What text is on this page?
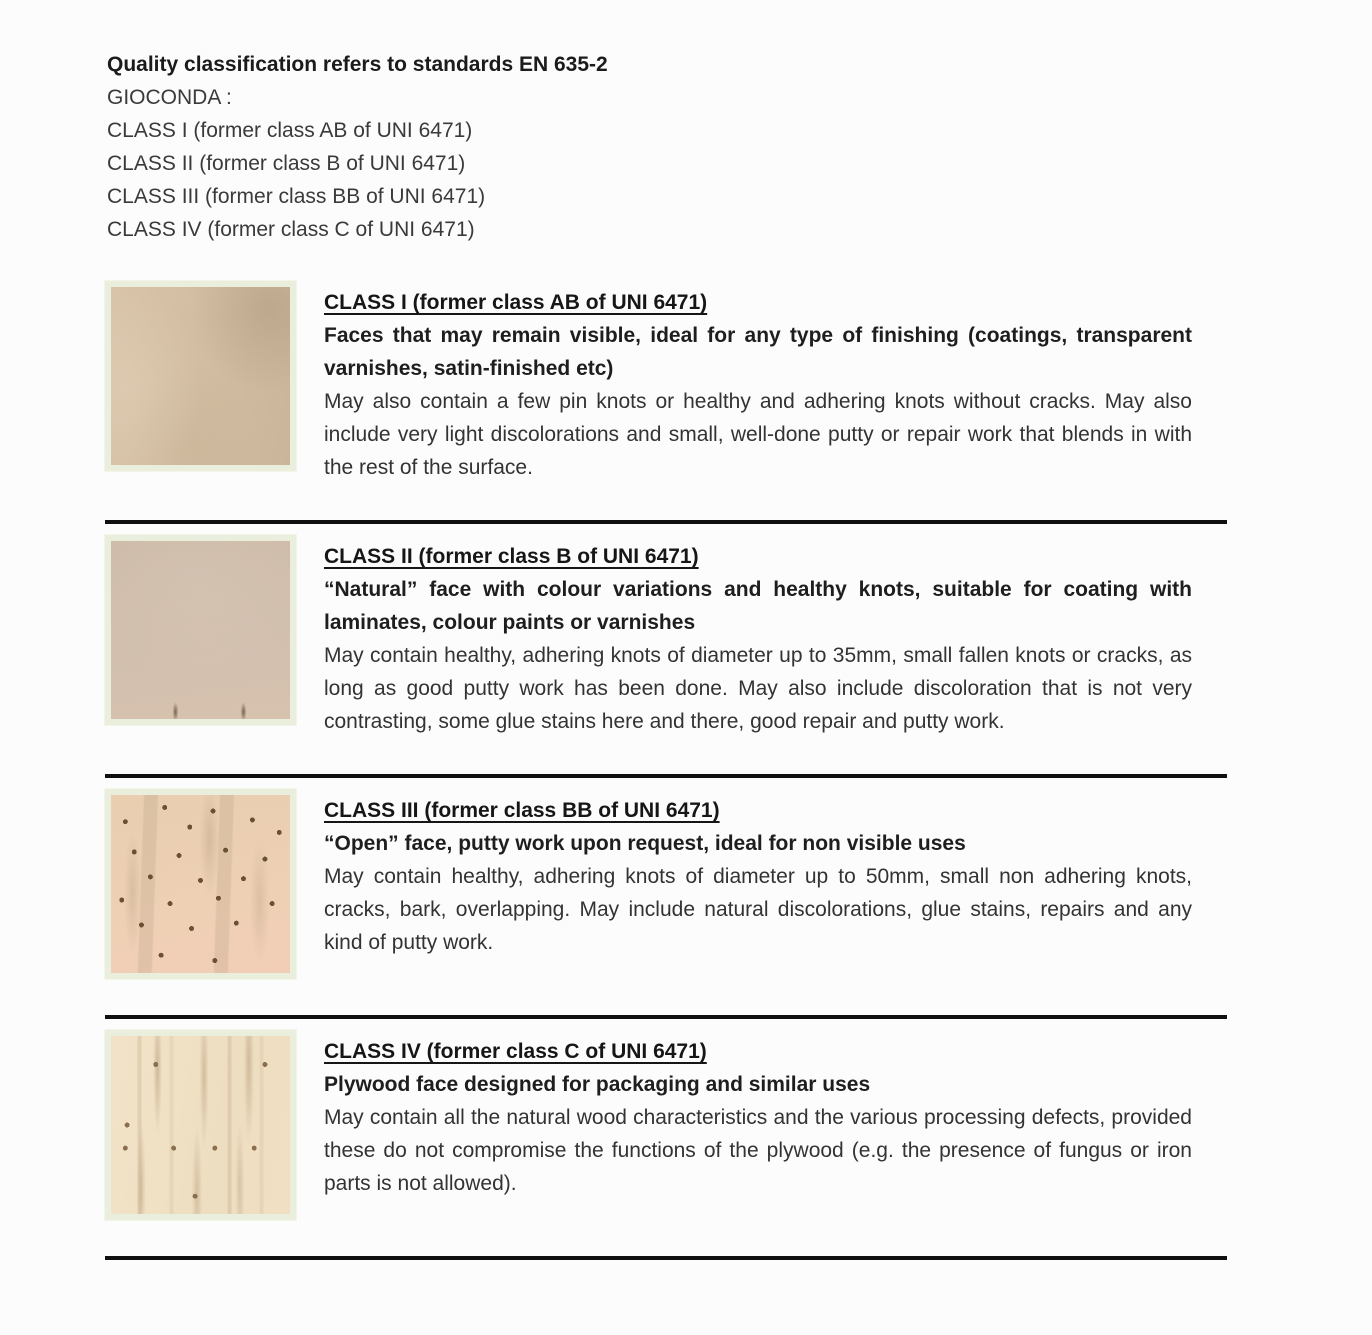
Quality classification refers to standards EN 635-2

GIOCONDA :

CLASS I (former class AB of UNI 6471)

CLASS II (former class B of UNI 6471)

CLASS III (former class BB of UNI 6471)

CLASS IV (former class C of UNI 6471)

CLASS I (former class AB of UNI 6471)

Faces that may remain visible, ideal for any type of finishing (coatings, transparent varnishes, satin-finished etc)

May also contain a few pin knots or healthy and adhering knots without cracks. May also include very light discolorations and small, well-done putty or repair work that blends in with the rest of the surface.

CLASS II (former class B of UNI 6471)

“Natural” face with colour variations and healthy knots, suitable for coating with laminates, colour paints or varnishes

May contain healthy, adhering knots of diameter up to 35mm, small fallen knots or cracks, as long as good putty work has been done. May also include discoloration that is not very contrasting, some glue stains here and there, good repair and putty work.

CLASS III (former class BB of UNI 6471)

“Open” face, putty work upon request, ideal for non visible uses

May contain healthy, adhering knots of diameter up to 50mm, small non adhering knots, cracks, bark, overlapping. May include natural discolorations, glue stains, repairs and any kind of putty work.

CLASS IV (former class C of UNI 6471)

Plywood face designed for packaging and similar uses

May contain all the natural wood characteristics and the various processing defects, provided these do not compromise the functions of the plywood (e.g. the presence of fungus or iron parts is not allowed).
